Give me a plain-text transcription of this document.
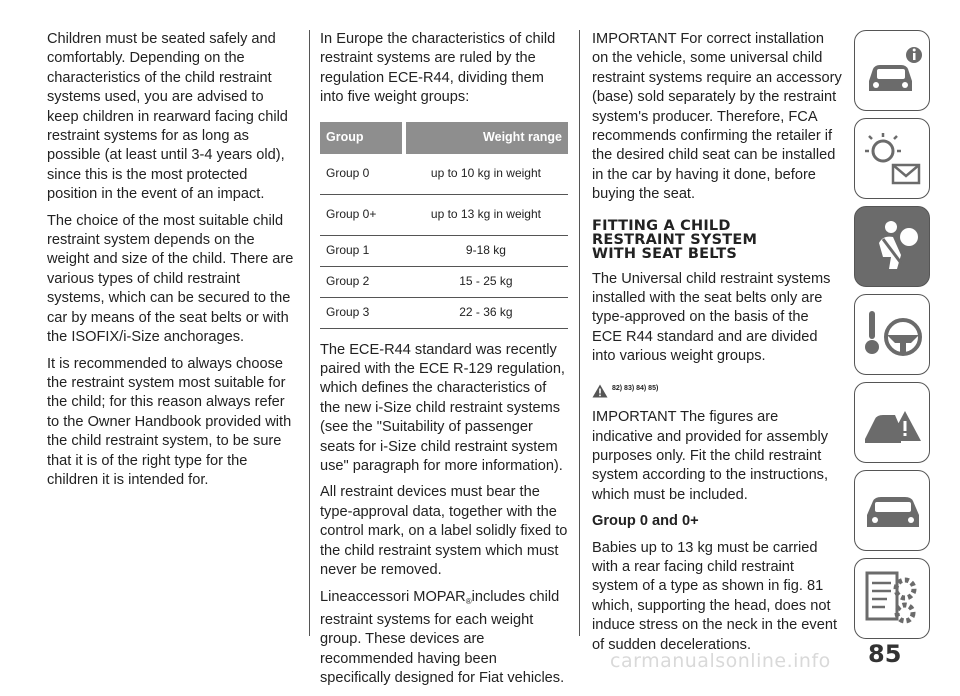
Children must be seated safely and comfortably. Depending on the characteristics of the child restraint systems used, you are advised to keep children in rearward facing child restraint systems for as long as possible (at least until 3-4 years old), since this is the most protected position in the event of an impact.

The choice of the most suitable child restraint system depends on the weight and size of the child. There are various types of child restraint systems, which can be secured to the car by means of the seat belts or with the ISOFIX/i-Size anchorages.

It is recommended to always choose the restraint system most suitable for the child; for this reason always refer to the Owner Handbook provided with the child restraint system, to be sure that it is of the right type for the children it is intended for.

In Europe the characteristics of child restraint systems are ruled by the regulation ECE-R44, dividing them into five weight groups:

Group	Weight range
Group 0	up to 10 kg in weight
Group 0+	up to 13 kg in weight
Group 1	9-18 kg
Group 2	15 - 25 kg
Group 3	22 - 36 kg

The ECE-R44 standard was recently paired with the ECE R-129 regulation, which defines the characteristics of the new i-Size child restraint systems (see the "Suitability of passenger seats for i-Size child restraint system use" paragraph for more information).

All restraint devices must bear the type-approval data, together with the control mark, on a label solidly fixed to the child restraint system which must never be removed.

Lineaccessori $MOPAR_®includes$ child restraint systems for each weight group. These devices are recommended having been specifically designed for Fiat vehicles.

IMPORTANT For correct installation on the vehicle, some universal child restraint systems require an accessory (base) sold separately by the restraint system's producer. Therefore, FCA recommends confirming the retailer if the desired child seat can be installed in the car by having it done, before buying the seat.

FITTING A CHILD
RESTRAINT SYSTEM
WITH SEAT BELTS

The Universal child restraint systems installed with the seat belts only are type-approved on the basis of the ECE R44 standard and are divided into various weight groups.

82) 83) 84) 85)

IMPORTANT The figures are indicative and provided for assembly purposes only. Fit the child restraint system according to the instructions, which must be included.

Group 0 and 0+

Babies up to 13 kg must be carried with a rear facing child restraint system of a type as shown in fig. 81 which, supporting the head, does not induce stress on the neck in the event of sudden decelerations.	85
carmanualsonline.info
